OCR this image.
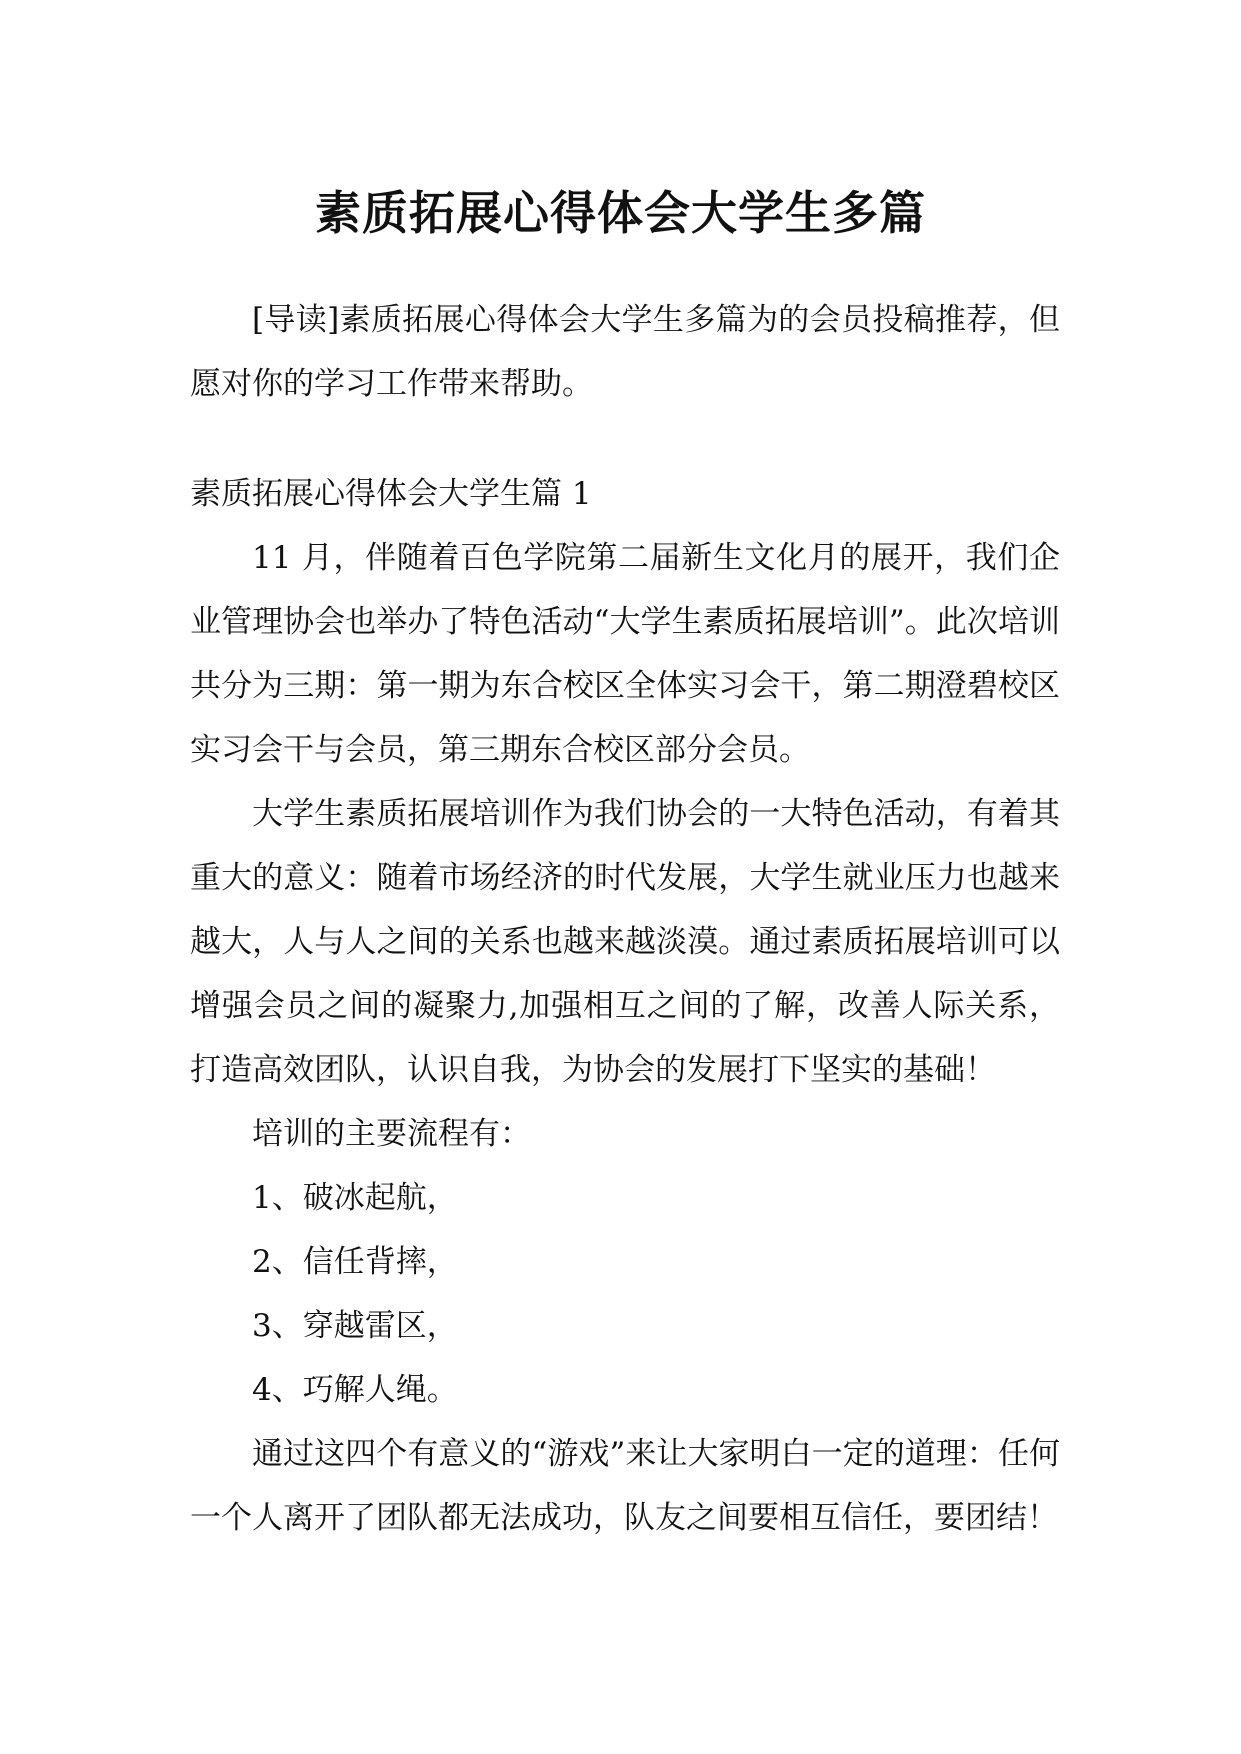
素质拓展心得体会大学生多篇

[导读]素质拓展心得体会大学生多篇为的会员投稿推荐，但愿对你的学习工作带来帮助。

素质拓展心得体会大学生篇 1

11 月，伴随着百色学院第二届新生文化月的展开，我们企业管理协会也举办了特色活动“大学生素质拓展培训”。此次培训共分为三期：第一期为东合校区全体实习会干，第二期澄碧校区实习会干与会员，第三期东合校区部分会员。

大学生素质拓展培训作为我们协会的一大特色活动，有着其重大的意义：随着市场经济的时代发展，大学生就业压力也越来越大，人与人之间的关系也越来越淡漠。通过素质拓展培训可以增强会员之间的凝聚力,加强相互之间的了解，改善人际关系，打造高效团队，认识自我，为协会的发展打下坚实的基础！

培训的主要流程有：

1、破冰起航，

2、信任背摔，

3、穿越雷区，

4、巧解人绳。

通过这四个有意义的“游戏”来让大家明白一定的道理：任何一个人离开了团队都无法成功，队友之间要相互信任，要团结！
